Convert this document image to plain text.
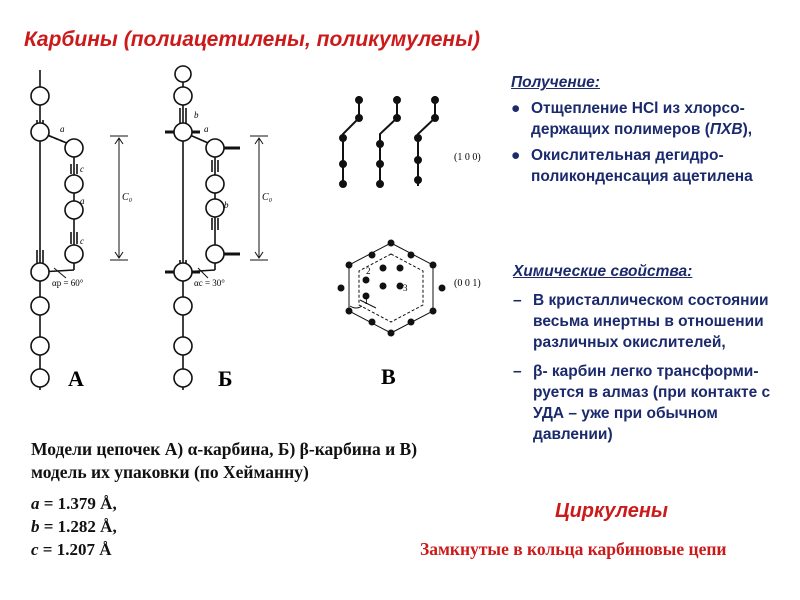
Карбины (полиацетилены, поликумулены)
C₀
a
c
a
c
αp = 60°
C₀
b
a
b
αc = 30°
(1 0 0)
2
3
1
(0 0 1)
А	Б	В
Получение:
● Отщепление HCl из хлорсо-держащих полимеров (ПХВ),
● Окислительная дегидро-поликонденсация ацетилена
Химические свойства:
– В кристаллическом состоянии весьма инертны в отношении различных окислителей,
– β- карбин легко трансформи-руется в алмаз (при контакте с УДА – уже при обычном давлении)
Модели цепочек А) α-карбина, Б) β-карбина и В) модель их упаковки (по Хейманну)
a = 1.379 Å,
b = 1.282 Å,
c = 1.207 Å
Циркулены
Замкнутые в кольца карбиновые цепи
